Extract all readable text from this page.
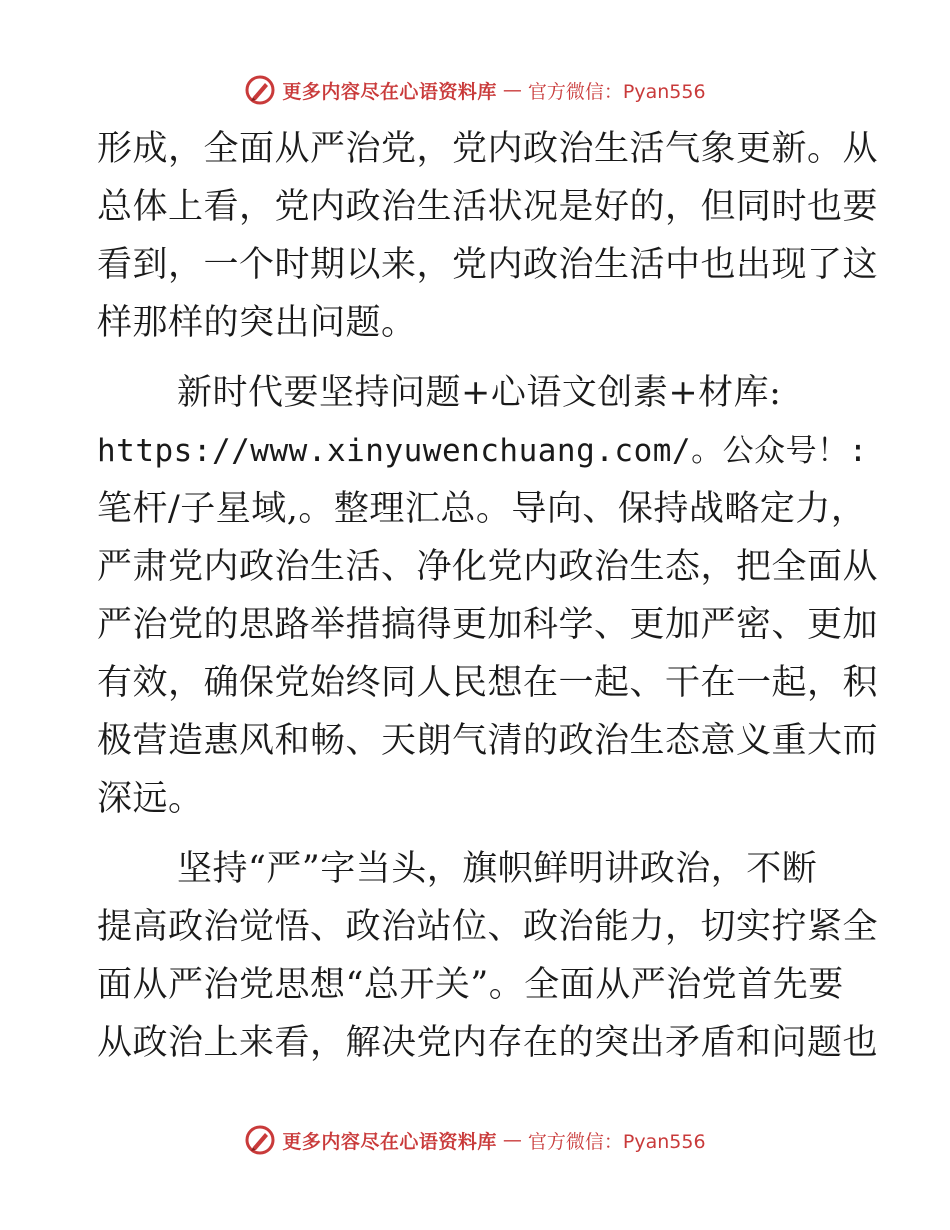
更多内容尽在心语资料库 — 官方微信：Pyan556
形成，全面从严治党，党内政治生活气象更新。从
总体上看，党内政治生活状况是好的，但同时也要
看到，一个时期以来，党内政治生活中也出现了这
样那样的突出问题。
新时代要坚持问题+心语文创素+材库:
https://www.xinyuwenchuang.com/。公众号！:
笔杆/子星域,。整理汇总。导向、保持战略定力，
严肃党内政治生活、净化党内政治生态，把全面从
严治党的思路举措搞得更加科学、更加严密、更加
有效，确保党始终同人民想在一起、干在一起，积
极营造惠风和畅、天朗气清的政治生态意义重大而
深远。
坚持“严”字当头，旗帜鲜明讲政治，不断
提高政治觉悟、政治站位、政治能力，切实拧紧全
面从严治党思想“总开关”。全面从严治党首先要
从政治上来看，解决党内存在的突出矛盾和问题也
更多内容尽在心语资料库 — 官方微信：Pyan556
